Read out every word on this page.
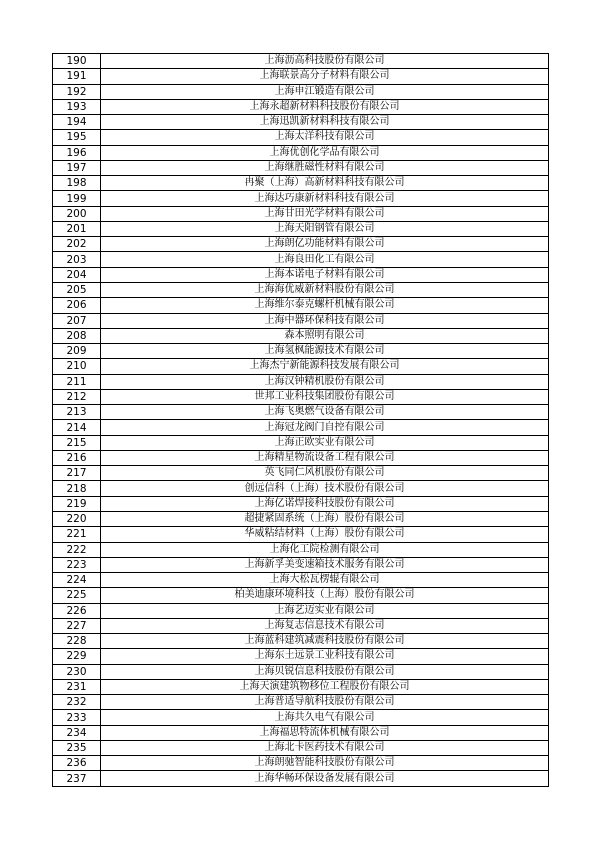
190	上海沥高科技股份有限公司
191	上海联景高分子材料有限公司
192	上海申江锻造有限公司
193	上海永超新材料科技股份有限公司
194	上海迅凯新材料科技有限公司
195	上海太洋科技有限公司
196	上海优创化学品有限公司
197	上海继胜磁性材料有限公司
198	冉聚（上海）高新材料科技有限公司
199	上海达巧康新材料科技有限公司
200	上海甘田光学材料有限公司
201	上海天阳钢管有限公司
202	上海朗亿功能材料有限公司
203	上海良田化工有限公司
204	上海本诺电子材料有限公司
205	上海海优威新材料股份有限公司
206	上海维尔泰克螺杆机械有限公司
207	上海中器环保科技有限公司
208	森本照明有限公司
209	上海氢枫能源技术有限公司
210	上海杰宁新能源科技发展有限公司
211	上海汉钟精机股份有限公司
212	世邦工业科技集团股份有限公司
213	上海飞奥燃气设备有限公司
214	上海冠龙阀门自控有限公司
215	上海正欧实业有限公司
216	上海精星物流设备工程有限公司
217	英飞同仁风机股份有限公司
218	创远信科（上海）技术股份有限公司
219	上海亿诺焊接科技股份有限公司
220	超捷紧固系统（上海）股份有限公司
221	华威粘结材料（上海）股份有限公司
222	上海化工院检测有限公司
223	上海新孚美变速箱技术服务有限公司
224	上海大松瓦楞辊有限公司
225	柏美迪康环境科技（上海）股份有限公司
226	上海艺迈实业有限公司
227	上海复志信息技术有限公司
228	上海蓝科建筑减震科技股份有限公司
229	上海东土远景工业科技有限公司
230	上海贝锐信息科技股份有限公司
231	上海天演建筑物移位工程股份有限公司
232	上海普适导航科技股份有限公司
233	上海共久电气有限公司
234	上海福思特流体机械有限公司
235	上海北卡医药技术有限公司
236	上海朗驰智能科技股份有限公司
237	上海华畅环保设备发展有限公司
